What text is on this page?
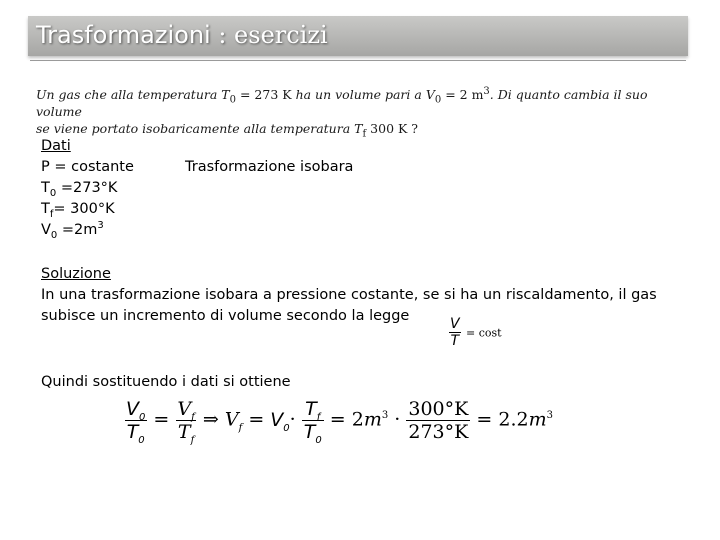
Trasformazioni : esercizi
Un gas che alla temperatura $T_0 = 273$ K ha un volume pari a $V_0 = 2$ $m^3$. Di quanto cambia il suo volume
se viene portato isobaricamente alla temperatura $T_f$ 300 K ?
Dati
P = costante
$T_0 =273^\circ K$
$T_f= 300^\circ K$
$V_0 =2m^3$
Trasformazione isobara
Soluzione
In una trasformazione isobara a pressione costante, se si ha un riscaldamento, il gas
subisce un incremento di volume secondo la legge	$\frac{V}{T} = \cos t$
Quindi sostituendo i dati si ottiene
$\frac{V_0}{T_0} = \frac{V_f}{T_f}$ ⇒ $V_f = V_0\cdot \frac{T_f}{T_0} = 2m^3 \cdot \frac{300^\circ K}{273^\circ K} = 2.2m^3$
